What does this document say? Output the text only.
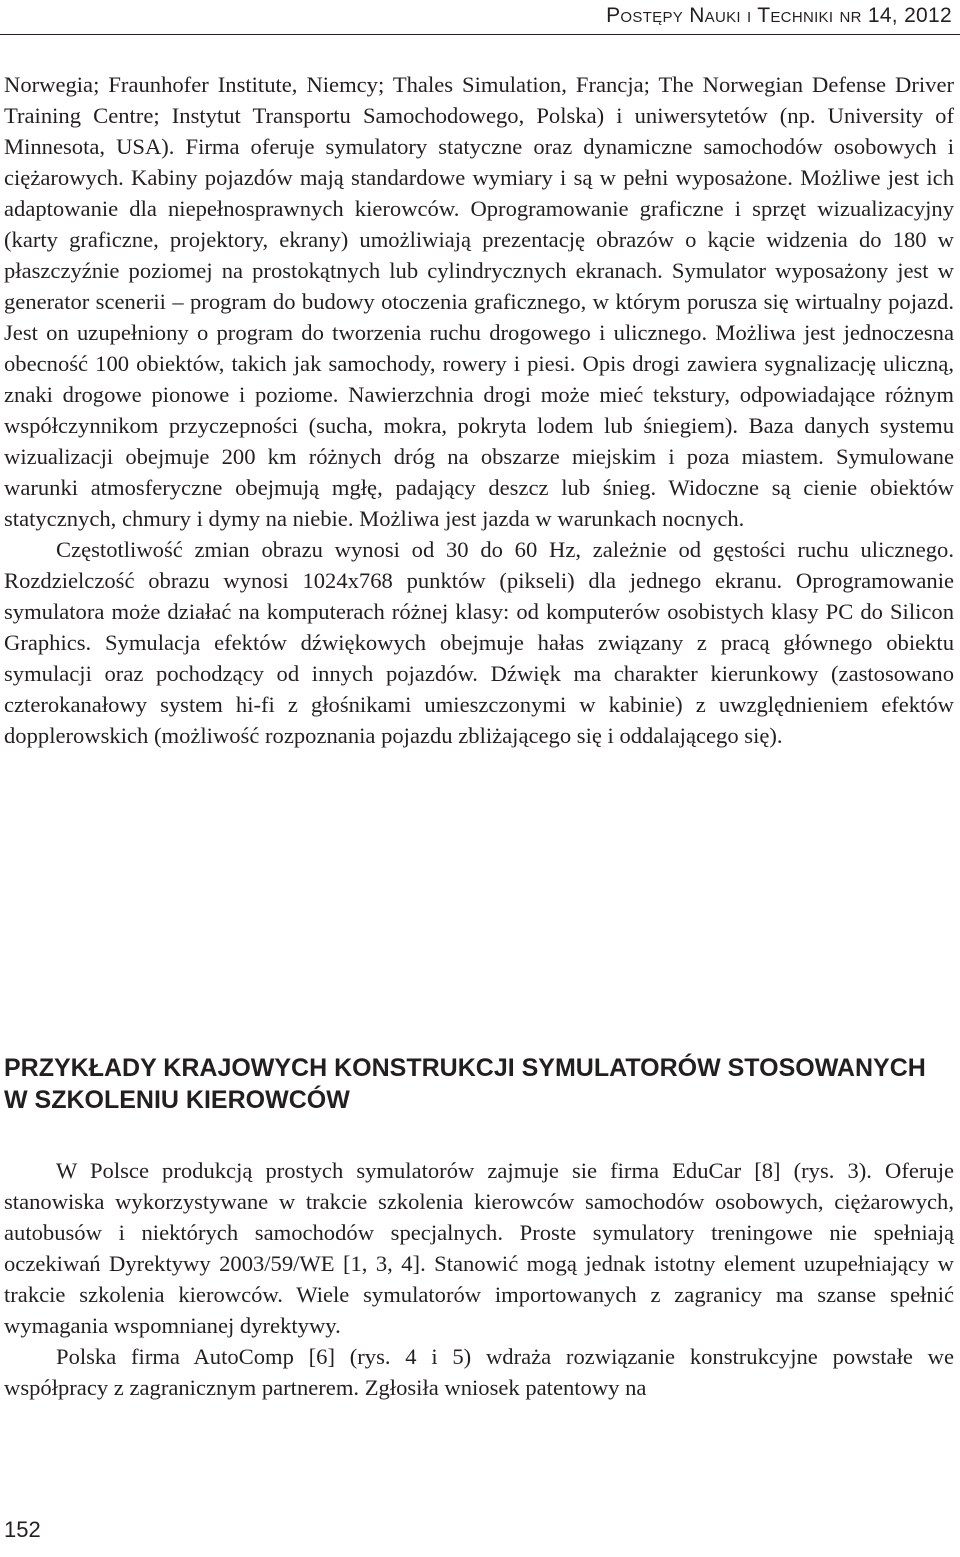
Postępy Nauki i Techniki nr 14, 2012

Norwegia; Fraunhofer Institute, Niemcy; Thales Simulation, Francja; The Norwegian Defense Driver Training Centre; Instytut Transportu Samochodowego, Polska) i uniwersytetów (np. University of Minnesota, USA). Firma oferuje symulatory statyczne oraz dynamiczne samochodów osobowych i ciężarowych. Kabiny pojazdów mają standardowe wymiary i są w pełni wyposażone. Możliwe jest ich adaptowanie dla niepełnosprawnych kierowców. Oprogramowanie graficzne i sprzęt wizualizacyjny (karty graficzne, projektory, ekrany) umożliwiają prezentację obrazów o kącie widzenia do 180 w płaszczyźnie poziomej na prostokątnych lub cylindrycznych ekranach. Symulator wyposażony jest w generator scenerii – program do budowy otoczenia graficznego, w którym porusza się wirtualny pojazd. Jest on uzupełniony o program do tworzenia ruchu drogowego i ulicznego. Możliwa jest jednoczesna obecność 100 obiektów, takich jak samochody, rowery i piesi. Opis drogi zawiera sygnalizację uliczną, znaki drogowe pionowe i poziome. Nawierzchnia drogi może mieć tekstury, odpowiadające różnym współczynnikom przyczepności (sucha, mokra, pokryta lodem lub śniegiem). Baza danych systemu wizualizacji obejmuje 200 km różnych dróg na obszarze miejskim i poza miastem. Symulowane warunki atmosferyczne obejmują mgłę, padający deszcz lub śnieg. Widoczne są cienie obiektów statycznych, chmury i dymy na niebie. Możliwa jest jazda w warunkach nocnych.

Częstotliwość zmian obrazu wynosi od 30 do 60 Hz, zależnie od gęstości ruchu ulicznego. Rozdzielczość obrazu wynosi 1024x768 punktów (pikseli) dla jednego ekranu. Oprogramowanie symulatora może działać na komputerach różnej klasy: od komputerów osobistych klasy PC do Silicon Graphics. Symulacja efektów dźwiękowych obejmuje hałas związany z pracą głównego obiektu symulacji oraz pochodzący od innych pojazdów. Dźwięk ma charakter kierunkowy (zastosowano czterokanałowy system hi-fi z głośnikami umieszczonymi w kabinie) z uwzględnieniem efektów dopplerowskich (możliwość rozpoznania pojazdu zbliżającego się i oddalającego się).

PRZYKŁADY KRAJOWYCH KONSTRUKCJI SYMULATORÓW STOSOWANYCH W SZKOLENIU KIEROWCÓW

W Polsce produkcją prostych symulatorów zajmuje sie firma EduCar [8] (rys. 3). Oferuje stanowiska wykorzystywane w trakcie szkolenia kierowców samochodów osobowych, ciężarowych, autobusów i niektórych samochodów specjalnych. Proste symulatory treningowe nie spełniają oczekiwań Dyrektywy 2003/59/WE [1, 3, 4]. Stanowić mogą jednak istotny element uzupełniający w trakcie szkolenia kierowców. Wiele symulatorów importowanych z zagranicy ma szanse spełnić wymagania wspomnianej dyrektywy.

Polska firma AutoComp [6] (rys. 4 i 5) wdraża rozwiązanie konstrukcyjne powstałe we współpracy z zagranicznym partnerem. Zgłosiła wniosek patentowy na

152
